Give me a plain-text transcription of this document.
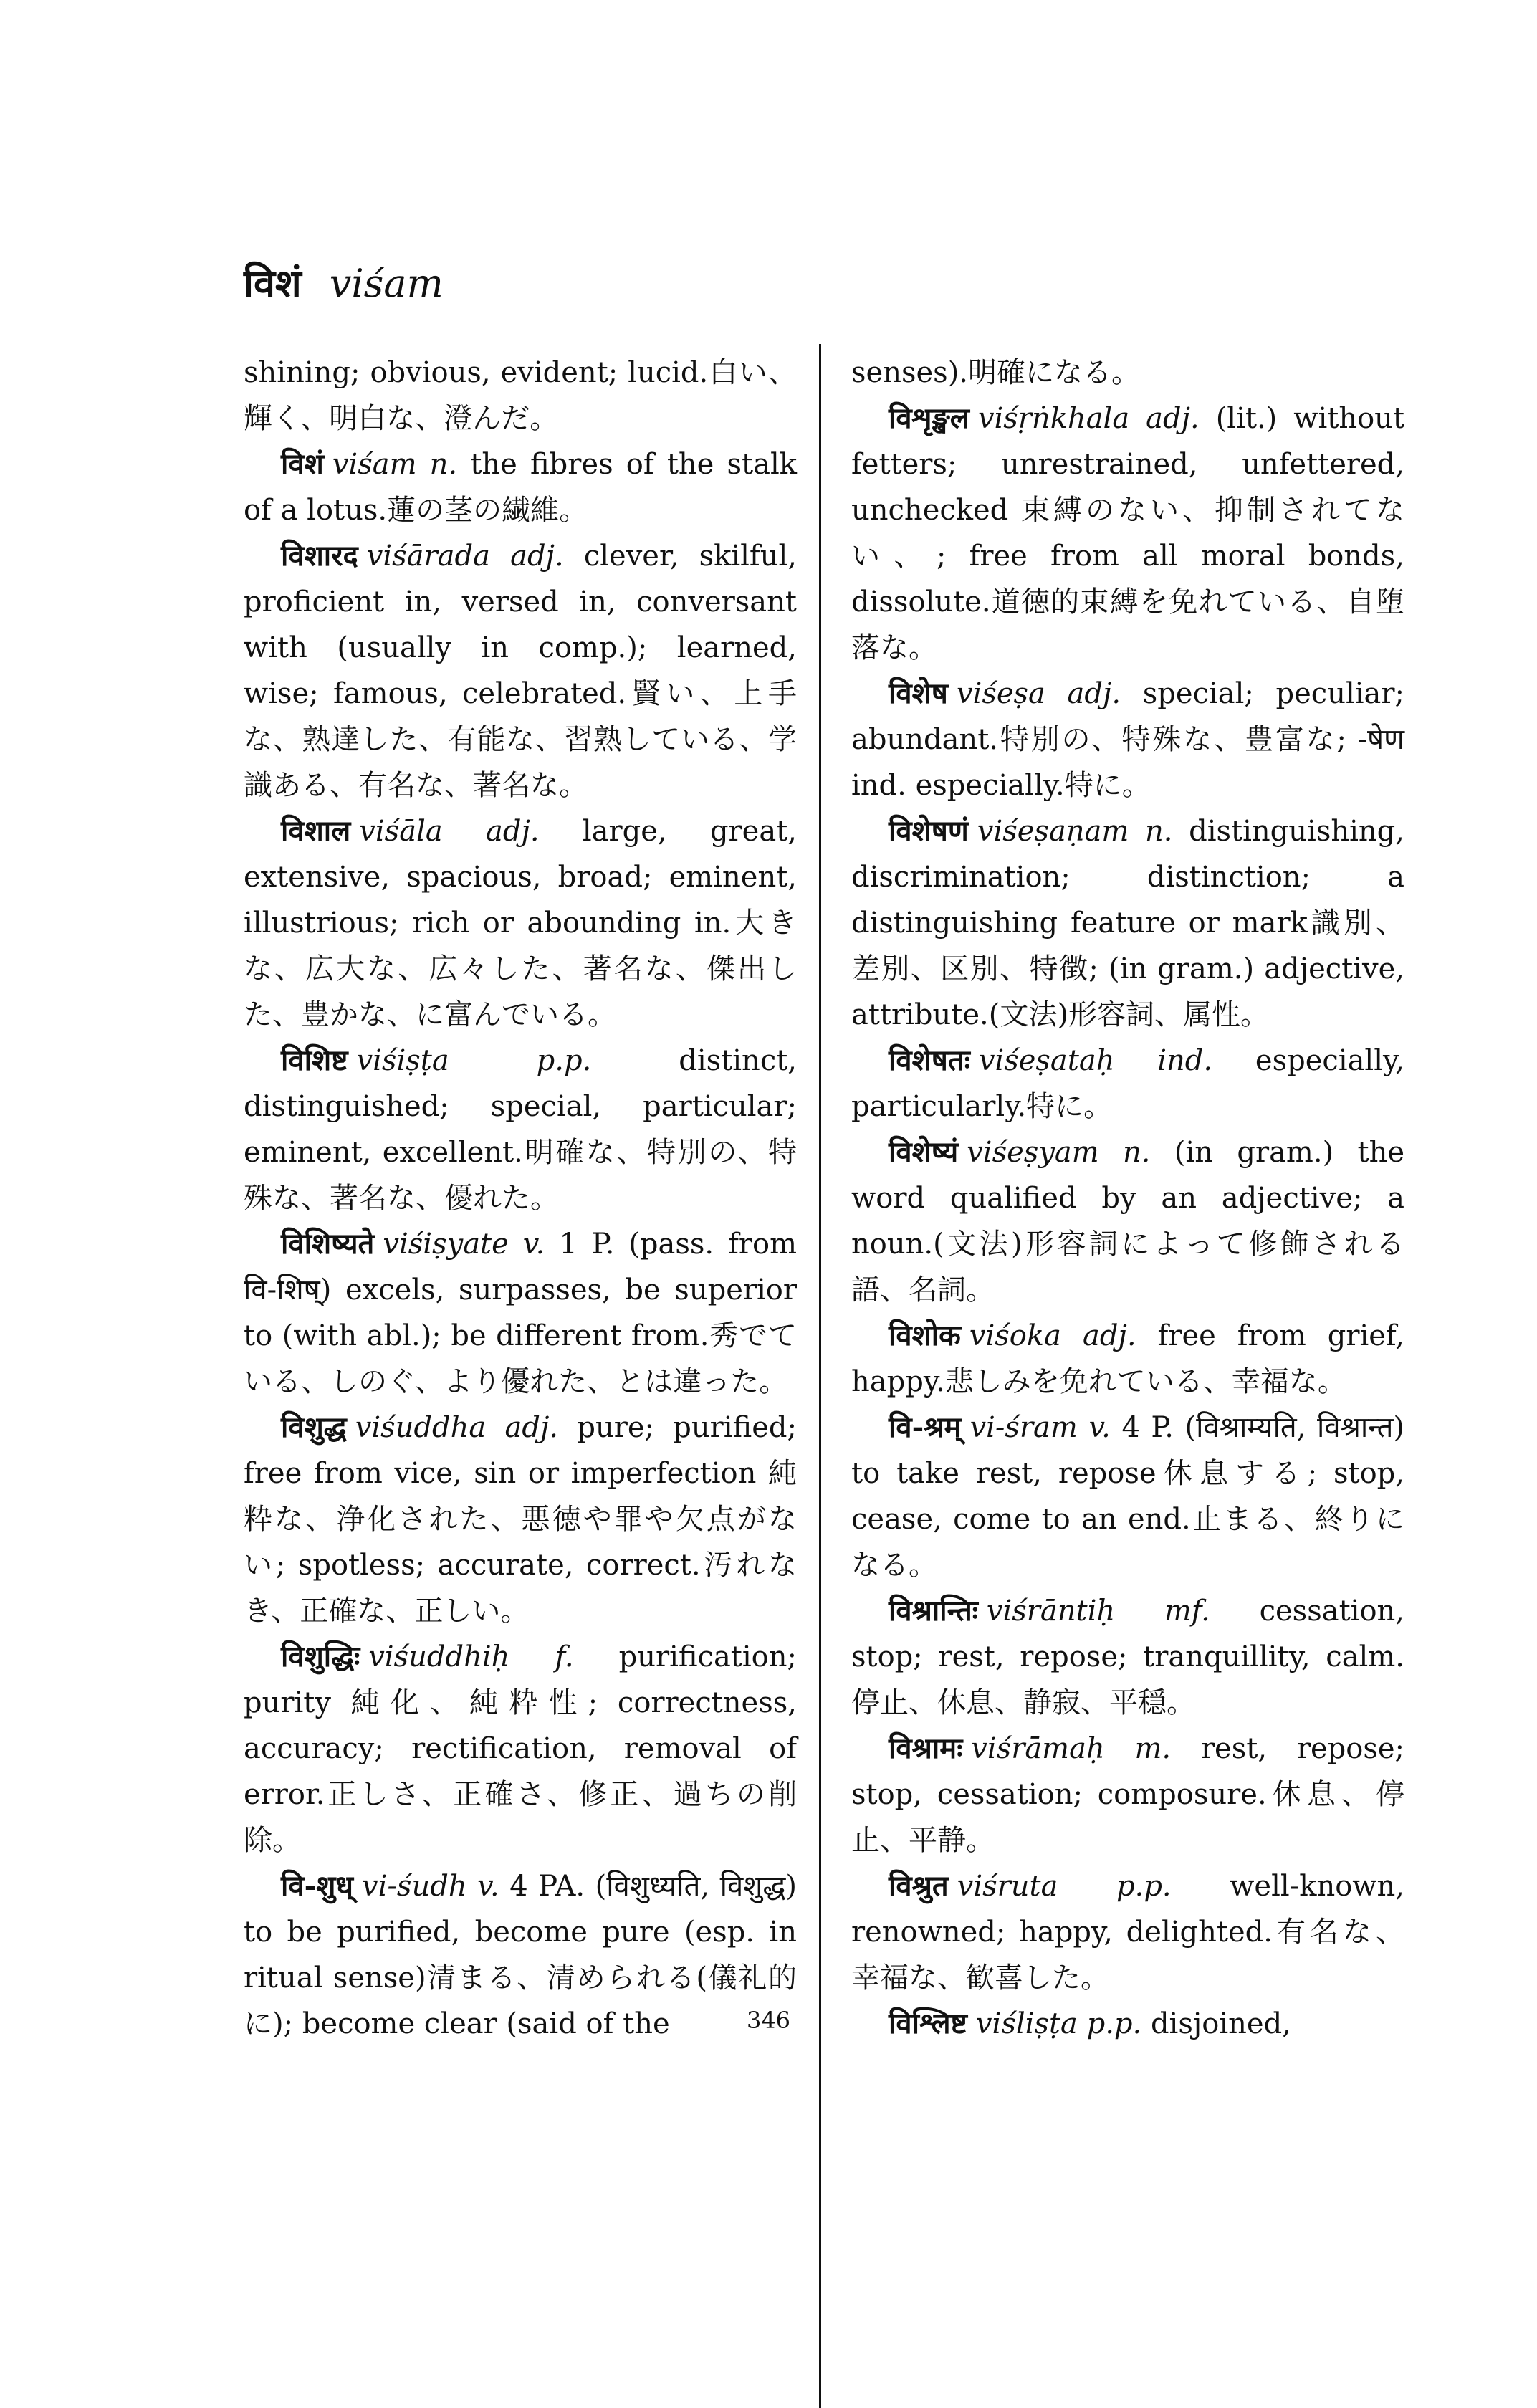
विशं viśam

shining; obvious, evident; lucid.白い、輝く、明白な、澄んだ。

विशं viśam n. the fibres of the stalk of a lotus.蓮の茎の繊維。

विशारद viśārada adj. clever, skilful, proficient in, versed in, conversant with (usually in comp.); learned, wise; famous, celebrated.賢い、上手な、熟達した、有能な、習熟している、学識ある、有名な、著名な。

विशाल viśāla adj. large, great, extensive, spacious, broad; eminent, illustrious; rich or abounding in.大きな、広大な、広々した、著名な、傑出した、豊かな、に富んでいる。

विशिष्ट viśiṣṭa p.p.	distinct, distinguished; special, particular; eminent, excellent.明確な、特別の、特殊な、著名な、優れた。

विशिष्यते viśiṣyate v. 1 P. (pass. from वि-शिष्) excels, surpasses, be superior to (with abl.); be different from.秀でている、しのぐ、より優れた、とは違った。

विशुद्ध viśuddha adj. pure; purified; free from vice, sin or imperfection 純粋な、浄化された、悪徳や罪や欠点がない; spotless; accurate, correct.汚れなき、正確な、正しい。

विशुद्धिः viśuddhiḥ f. purification; purity 純化、純粋性; correctness, accuracy; rectification, removal of error.正しさ、正確さ、修正、過ちの削除。

वि-शुध् vi-śudh v. 4 PA. (विशुध्यति, विशुद्ध) to be purified, become pure (esp. in ritual sense)清まる、清められる(儀礼的に); become clear (said of the

senses).明確になる。

विशृङ्खल viśṛṅkhala adj. (lit.) without fetters; unrestrained, unfettered, unchecked 束縛のない、抑制されてない、; free from all moral bonds, dissolute.道徳的束縛を免れている、自堕落な。

विशेष viśeṣa adj. special; peculiar; abundant.特別の、特殊な、豊富な; -षेण ind. especially.特に。

विशेषणं viśeṣaṇam n. distinguishing, discrimination; distinction; a distinguishing feature or mark識別、差別、区別、特徴; (in gram.) adjective, attribute.(文法)形容詞、属性。

विशेषतः viśeṣataḥ ind. especially, particularly.特に。

विशेष्यं viśeṣyam n. (in gram.) the word qualified by an adjective; a noun.(文法)形容詞によって修飾される語、名詞。

विशोक viśoka adj. free from grief, happy.悲しみを免れている、幸福な。

वि-श्रम् vi-śram v. 4 P. (विश्राम्यति, विश्रान्त) to take rest, repose休息する; stop, cease, come to an end.止まる、終りになる。

विश्रान्तिः viśrāntiḥ mf. cessation, stop; rest, repose; tranquillity, calm. 停止、休息、静寂、平穏。

विश्रामः viśrāmaḥ m. rest, repose; stop, cessation; composure.休息、停止、平静。

विश्रुत viśruta p.p. well-known, renowned; happy, delighted.有名な、幸福な、歓喜した。

विश्लिष्ट viśliṣṭa p.p. disjoined,

346
